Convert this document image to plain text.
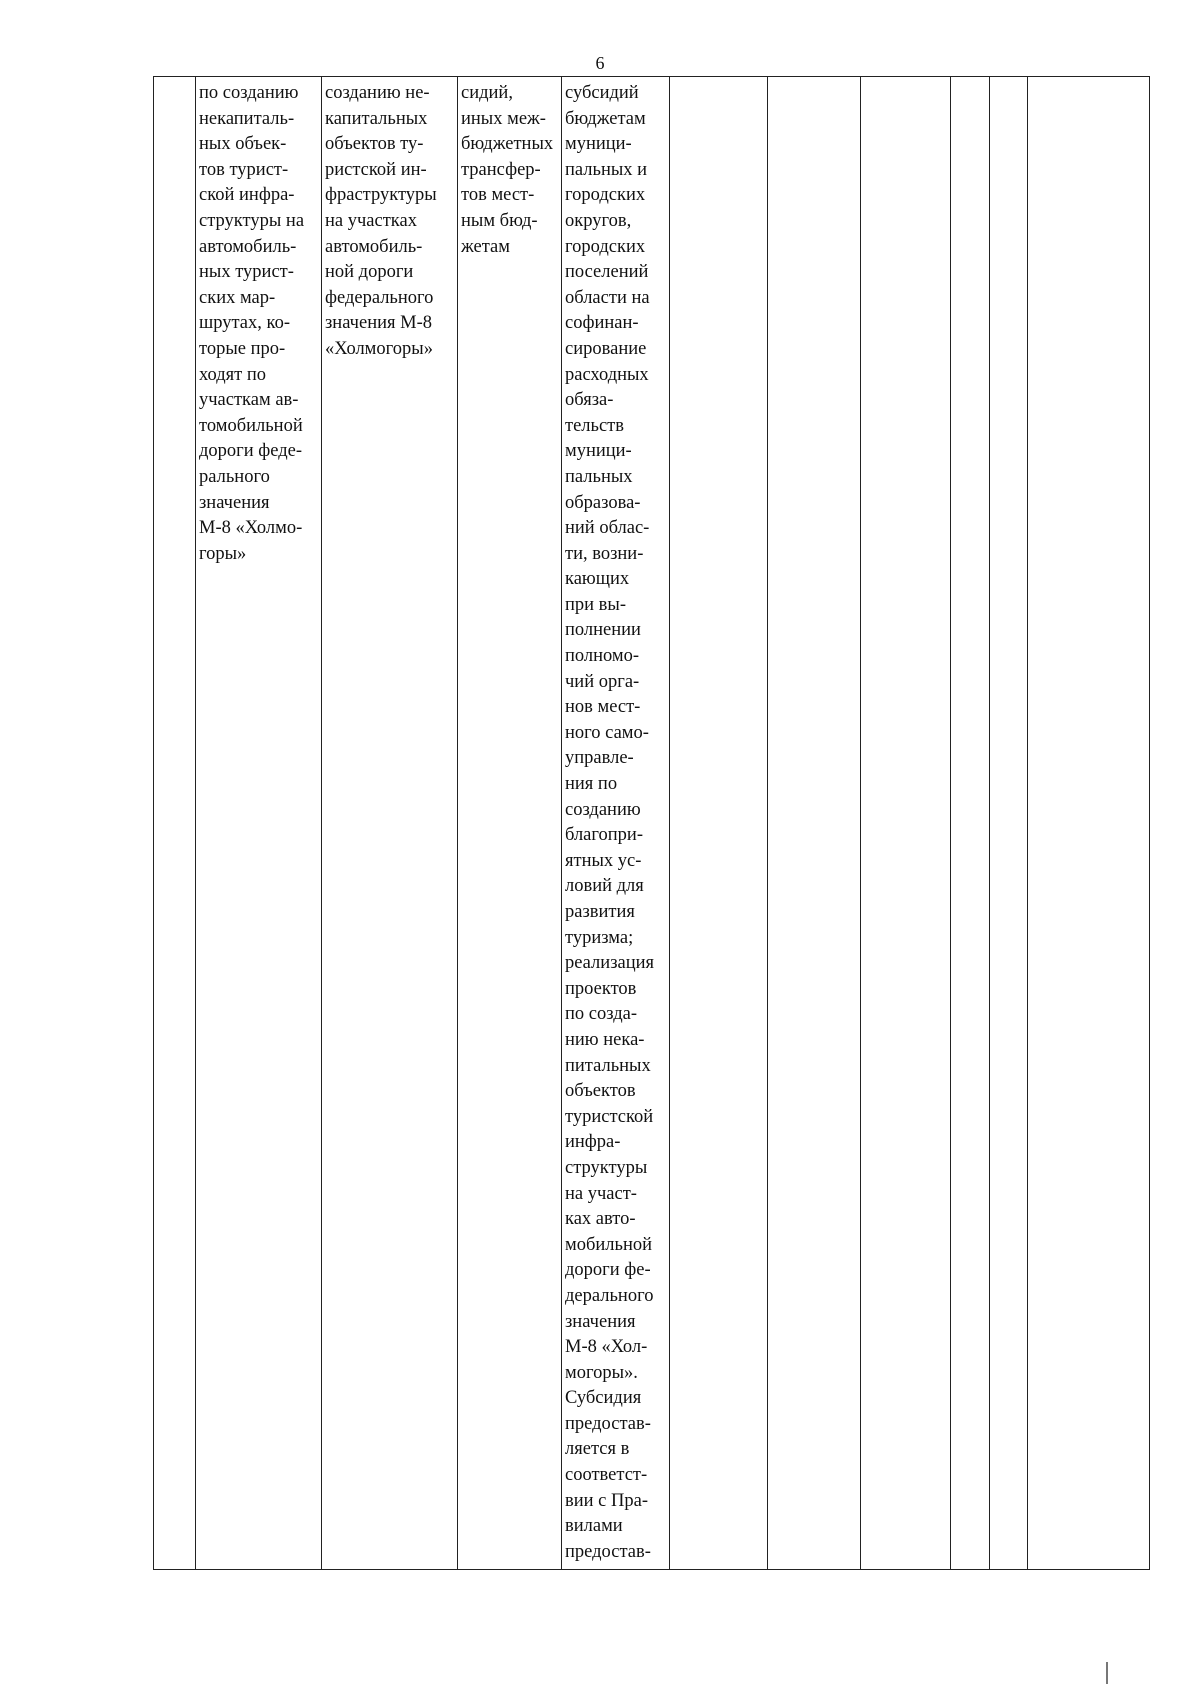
6
	по созданию
некапиталь-
ных объек-
тов турист-
ской инфра-
структуры на
автомобиль-
ных турист-
ских мар-
шрутах, ко-
торые про-
ходят по
участкам ав-
томобильной
дороги феде-
рального
значения
М-8 «Холмо-
горы»	созданию не-
капитальных
объектов ту-
ристской ин-
фраструктуры
на участках
автомобиль-
ной дороги
федерального
значения М-8
«Холмогоры»	сидий,
иных меж-
бюджетных
трансфер-
тов мест-
ным бюд-
жетам	субсидий
бюджетам
муници-
пальных и
городских
округов,
городских
поселений
области на
софинан-
сирование
расходных
обяза-
тельств
муници-
пальных
образова-
ний облас-
ти, возни-
кающих
при вы-
полнении
полномо-
чий орга-
нов мест-
ного само-
управле-
ния по
созданию
благопри-
ятных ус-
ловий для
развития
туризма;
реализация
проектов
по созда-
нию нека-
питальных
объектов
туристской
инфра-
структуры
на участ-
ках авто-
мобильной
дороги фе-
дерального
значения
М-8 «Хол-
могоры».
Субсидия
предостав-
ляется в
соответст-
вии с Пра-
вилами
предостав-						
